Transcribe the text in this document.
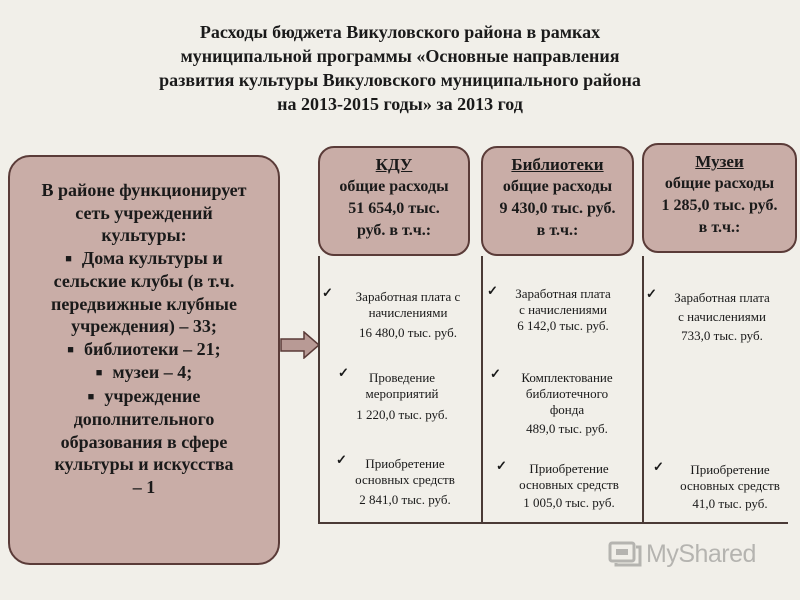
Расходы бюджета Викуловского района в рамках
муниципальной программы «Основные направления
развития культуры Викуловского муниципального района
на 2013-2015 годы» за 2013 год
В районе функционирует
сеть учреждений
культуры:
■ Дома культуры и
сельские клубы (в т.ч.
передвижные клубные
учреждения) – 33;
■ библиотеки – 21;
■ музеи – 4;
■ учреждение
дополнительного
образования в сфере
культуры и искусства
– 1
КДУ
общие расходы
51 654,0 тыс.
руб. в т.ч.:
Библиотеки
общие расходы
9 430,0 тыс. руб.
в т.ч.:
Музеи
общие расходы
1 285,0 тыс. руб.
в т.ч.:
✓	Заработная плата с
начислениями
16 480,0 тыс. руб.
✓	Проведение
мероприятий
1 220,0 тыс. руб.
✓	Приобретение
основных средств
2 841,0 тыс. руб.
✓	Заработная плата
с начислениями
6 142,0 тыс. руб.
✓	Комплектование
библиотечного
фонда
489,0 тыс. руб.
✓	Приобретение
основных средств
1 005,0 тыс. руб.
✓	Заработная плата
с начислениями
733,0 тыс. руб.
✓	Приобретение
основных средств
41,0 тыс. руб.
MyShared
